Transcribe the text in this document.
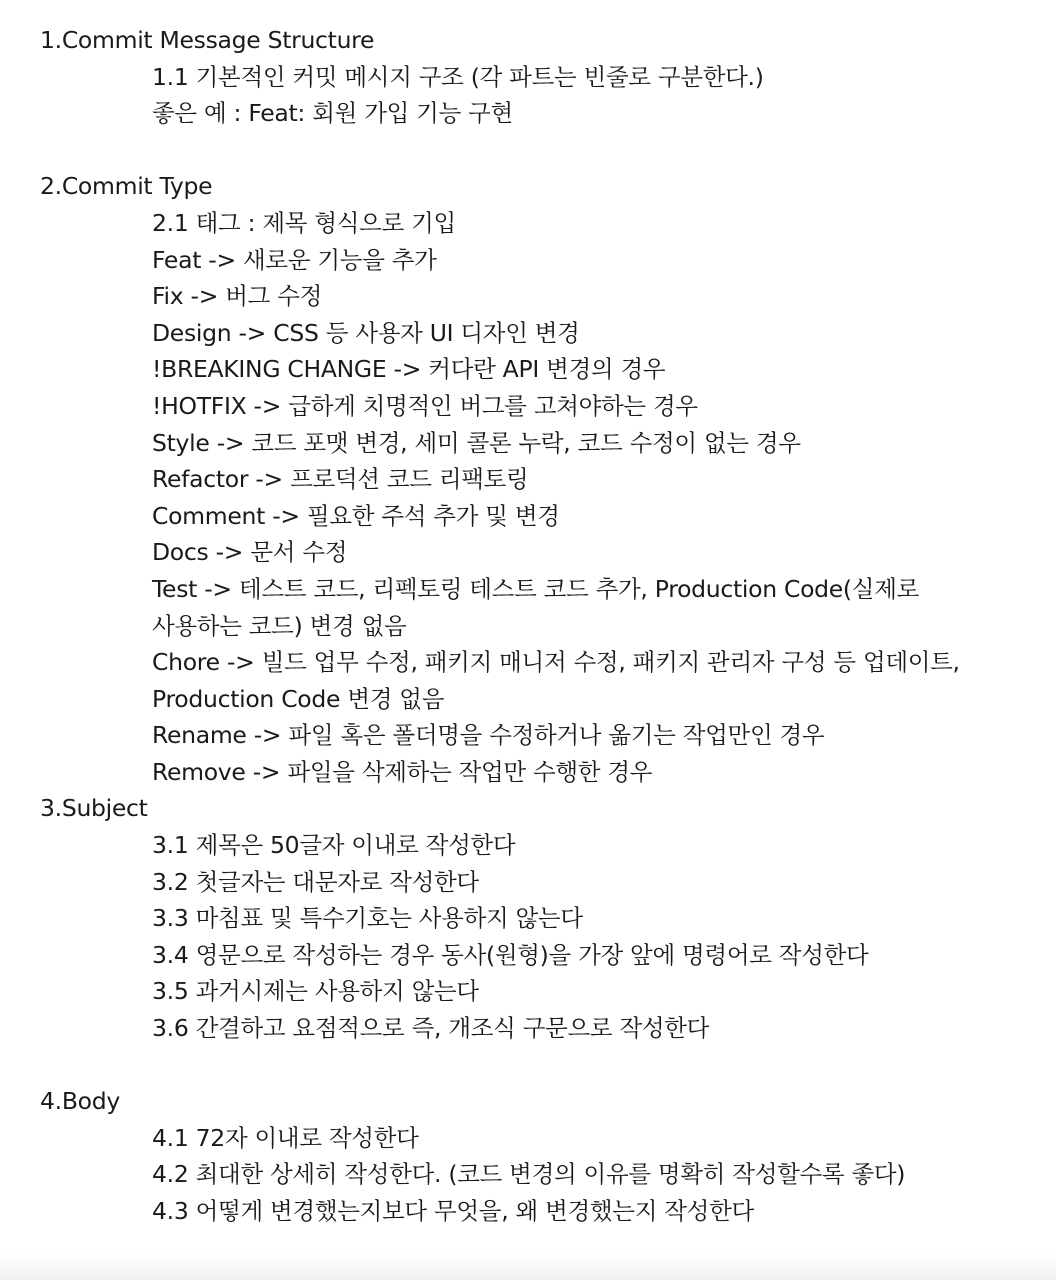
1.Commit Message Structure
1.1 기본적인 커밋 메시지 구조 (각 파트는 빈줄로 구분한다.)
좋은 예 : Feat: 회원 가입 기능 구현
2.Commit Type
2.1 태그 : 제목 형식으로 기입
Feat -> 새로운 기능을 추가
Fix -> 버그 수정
Design -> CSS 등 사용자 UI 디자인 변경
!BREAKING CHANGE -> 커다란 API 변경의 경우
!HOTFIX -> 급하게 치명적인 버그를 고쳐야하는 경우
Style -> 코드 포맷 변경, 세미 콜론 누락, 코드 수정이 없는 경우
Refactor -> 프로덕션 코드 리팩토링
Comment -> 필요한 주석 추가 및 변경
Docs -> 문서 수정
Test -> 테스트 코드, 리펙토링 테스트 코드 추가, Production Code(실제로
사용하는 코드) 변경 없음
Chore -> 빌드 업무 수정, 패키지 매니저 수정, 패키지 관리자 구성 등 업데이트,
Production Code 변경 없음
Rename -> 파일 혹은 폴더명을 수정하거나 옮기는 작업만인 경우
Remove -> 파일을 삭제하는 작업만 수행한 경우
3.Subject
3.1 제목은 50글자 이내로 작성한다
3.2 첫글자는 대문자로 작성한다
3.3 마침표 및 특수기호는 사용하지 않는다
3.4 영문으로 작성하는 경우 동사(원형)을 가장 앞에 명령어로 작성한다
3.5 과거시제는 사용하지 않는다
3.6 간결하고 요점적으로 즉, 개조식 구문으로 작성한다
4.Body
4.1 72자 이내로 작성한다
4.2 최대한 상세히 작성한다. (코드 변경의 이유를 명확히 작성할수록 좋다)
4.3 어떻게 변경했는지보다 무엇을, 왜 변경했는지 작성한다
